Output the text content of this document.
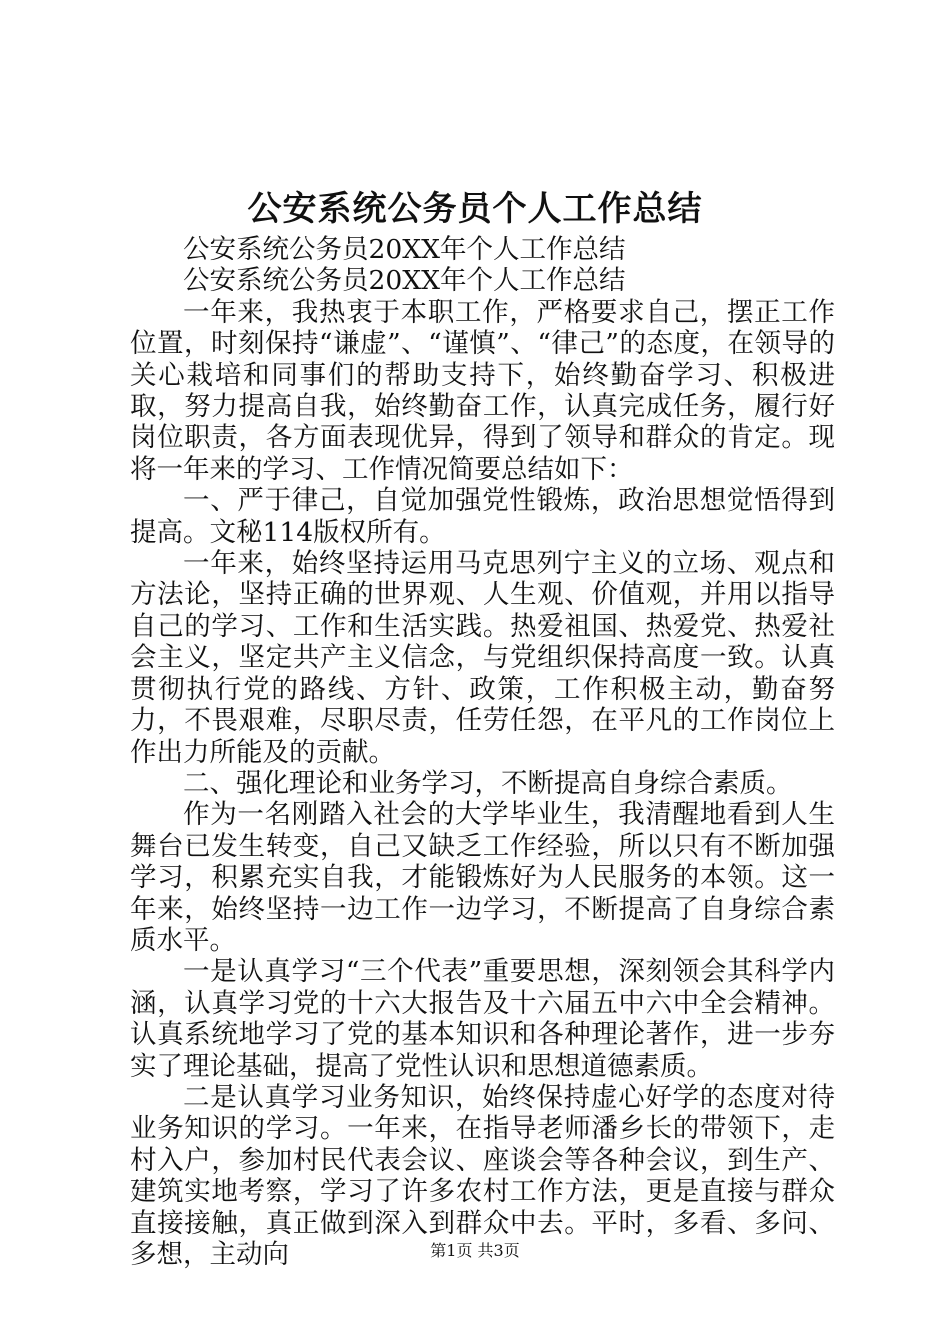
公安系统公务员个人工作总结

公安系统公务员20XX年个人工作总结

公安系统公务员20XX年个人工作总结

一年来，我热衷于本职工作，严格要求自己，摆正工作位置，时刻保持“谦虚”、“谨慎”、“律己”的态度，在领导的关心栽培和同事们的帮助支持下，始终勤奋学习、积极进取，努力提高自我，始终勤奋工作，认真完成任务，履行好岗位职责，各方面表现优异，得到了领导和群众的肯定。现将一年来的学习、工作情况简要总结如下：

一、严于律己，自觉加强党性锻炼，政治思想觉悟得到提高。文秘114版权所有。

一年来，始终坚持运用马克思列宁主义的立场、观点和方法论，坚持正确的世界观、人生观、价值观，并用以指导自己的学习、工作和生活实践。热爱祖国、热爱党、热爱社会主义，坚定共产主义信念，与党组织保持高度一致。认真贯彻执行党的路线、方针、政策，工作积极主动，勤奋努力，不畏艰难，尽职尽责，任劳任怨，在平凡的工作岗位上作出力所能及的贡献。

二、强化理论和业务学习，不断提高自身综合素质。

作为一名刚踏入社会的大学毕业生，我清醒地看到人生舞台已发生转变，自己又缺乏工作经验，所以只有不断加强学习，积累充实自我，才能锻炼好为人民服务的本领。这一年来，始终坚持一边工作一边学习，不断提高了自身综合素质水平。

一是认真学习“三个代表”重要思想，深刻领会其科学内涵，认真学习党的十六大报告及十六届五中六中全会精神。认真系统地学习了党的基本知识和各种理论著作，进一步夯实了理论基础，提高了党性认识和思想道德素质。

二是认真学习业务知识，始终保持虚心好学的态度对待业务知识的学习。一年来，在指导老师潘乡长的带领下，走村入户，参加村民代表会议、座谈会等各种会议，到生产、建筑实地考察，学习了许多农村工作方法，更是直接与群众直接接触，真正做到深入到群众中去。平时，多看、多问、多想，主动向	第1页 共3页
